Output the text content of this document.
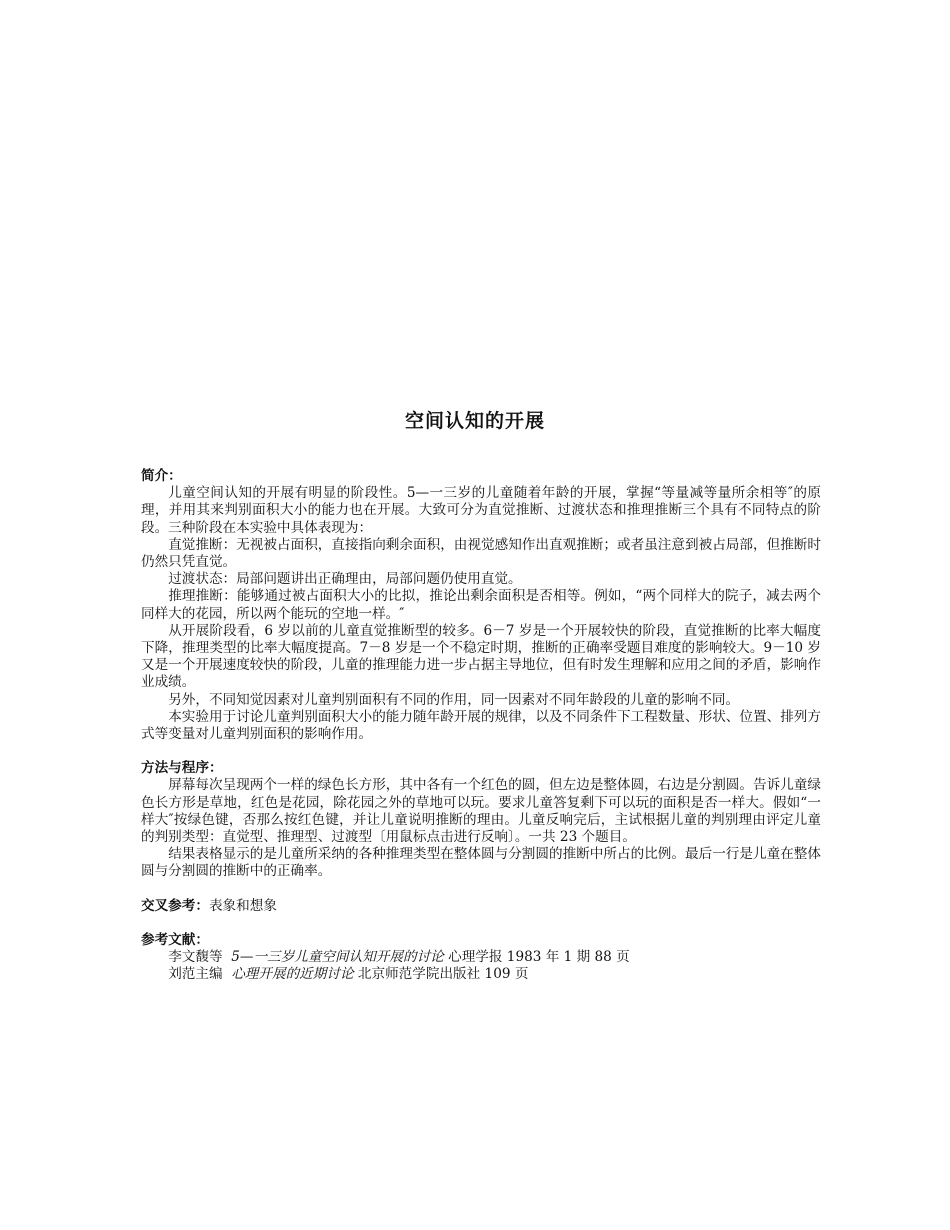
空间认知的开展

简介：

儿童空间认知的开展有明显的阶段性。5—一三岁的儿童随着年龄的开展，掌握“等量减等量所余相等″的原理，并用其来判别面积大小的能力也在开展。大致可分为直觉推断、过渡状态和推理推断三个具有不同特点的阶段。三种阶段在本实验中具体表现为：

直觉推断：无视被占面积，直接指向剩余面积，由视觉感知作出直观推断；或者虽注意到被占局部，但推断时仍然只凭直觉。

过渡状态：局部问题讲出正确理由，局部问题仍使用直觉。

推理推断：能够通过被占面积大小的比拟，推论出剩余面积是否相等。例如，“两个同样大的院子，减去两个同样大的花园，所以两个能玩的空地一样。″

从开展阶段看，6 岁以前的儿童直觉推断型的较多。6－7 岁是一个开展较快的阶段，直觉推断的比率大幅度下降，推理类型的比率大幅度提高。7－8 岁是一个不稳定时期，推断的正确率受题目难度的影响较大。9－10 岁又是一个开展速度较快的阶段，儿童的推理能力进一步占据主导地位，但有时发生理解和应用之间的矛盾，影响作业成绩。

另外，不同知觉因素对儿童判别面积有不同的作用，同一因素对不同年龄段的儿童的影响不同。

本实验用于讨论儿童判别面积大小的能力随年龄开展的规律，以及不同条件下工程数量、形状、位置、排列方式等变量对儿童判别面积的影响作用。

方法与程序：

屏幕每次呈现两个一样的绿色长方形，其中各有一个红色的圆，但左边是整体圆，右边是分割圆。告诉儿童绿色长方形是草地，红色是花园，除花园之外的草地可以玩。要求儿童答复剩下可以玩的面积是否一样大。假如“一样大″按绿色键，否那么按红色键，并让儿童说明推断的理由。儿童反响完后，主试根据儿童的判别理由评定儿童的判别类型：直觉型、推理型、过渡型〔用鼠标点击进行反响〕。一共 23 个题目。

结果表格显示的是儿童所采纳的各种推理类型在整体圆与分割圆的推断中所占的比例。最后一行是儿童在整体圆与分割圆的推断中的正确率。

交叉参考：表象和想象

参考文献：

李文馥等 5—一三岁儿童空间认知开展的讨论 心理学报 1983 年 1 期 88 页

刘范主编 心理开展的近期讨论 北京师范学院出版社 109 页
